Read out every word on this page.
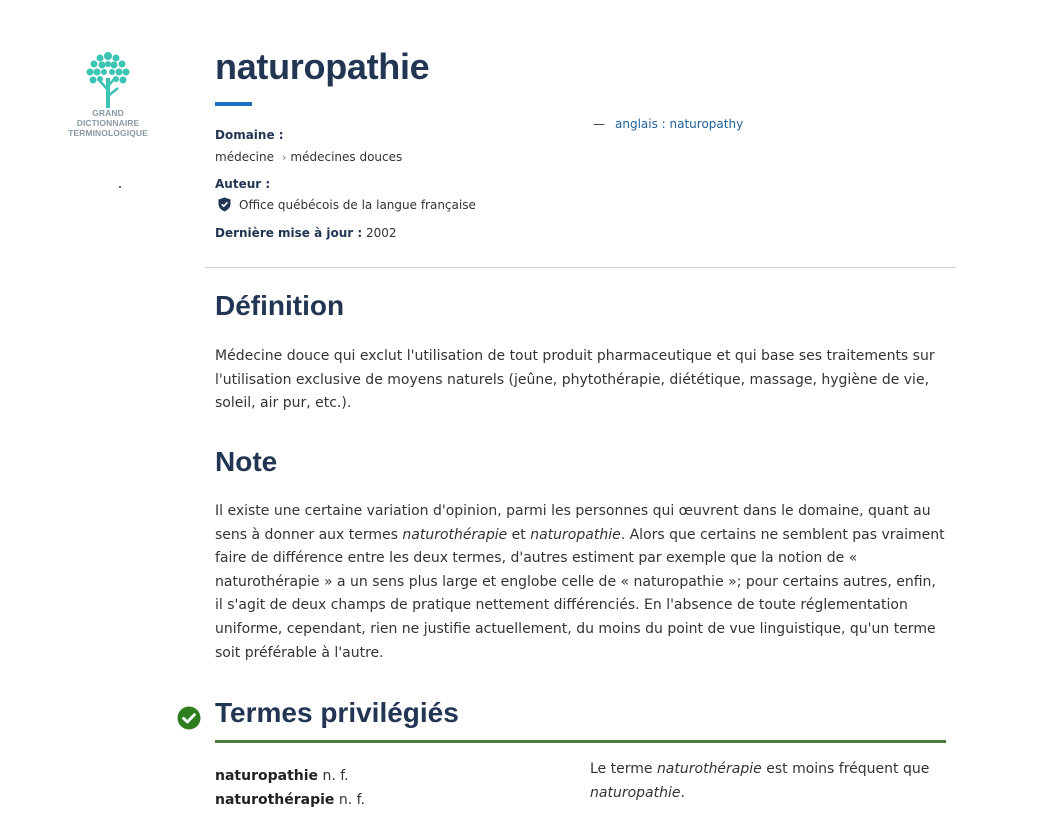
GRAND
DICTIONNAIRE
TERMINOLOGIQUE
naturopathie
Domaine :
médecine › médecines douces
Auteur :
Office québécois de la langue française
Dernière mise à jour : 2002
— anglais : naturopathy
Définition

Médecine douce qui exclut l'utilisation de tout produit pharmaceutique et qui base ses traitements sur l'utilisation exclusive de moyens naturels (jeûne, phytothérapie, diététique, massage, hygiène de vie, soleil, air pur, etc.).

Note

Il existe une certaine variation d'opinion, parmi les personnes qui œuvrent dans le domaine, quant au sens à donner aux termes naturothérapie et naturopathie. Alors que certains ne semblent pas vraiment faire de différence entre les deux termes, d'autres estiment par exemple que la notion de « naturothérapie » a un sens plus large et englobe celle de « naturopathie »; pour certains autres, enfin, il s'agit de deux champs de pratique nettement différenciés. En l'absence de toute réglementation uniforme, cependant, rien ne justifie actuellement, du moins du point de vue linguistique, qu'un terme soit préférable à l'autre.

Termes privilégiés
naturopathie n. f.
naturothérapie n. f.

Le terme naturothérapie est moins fréquent que naturopathie.
